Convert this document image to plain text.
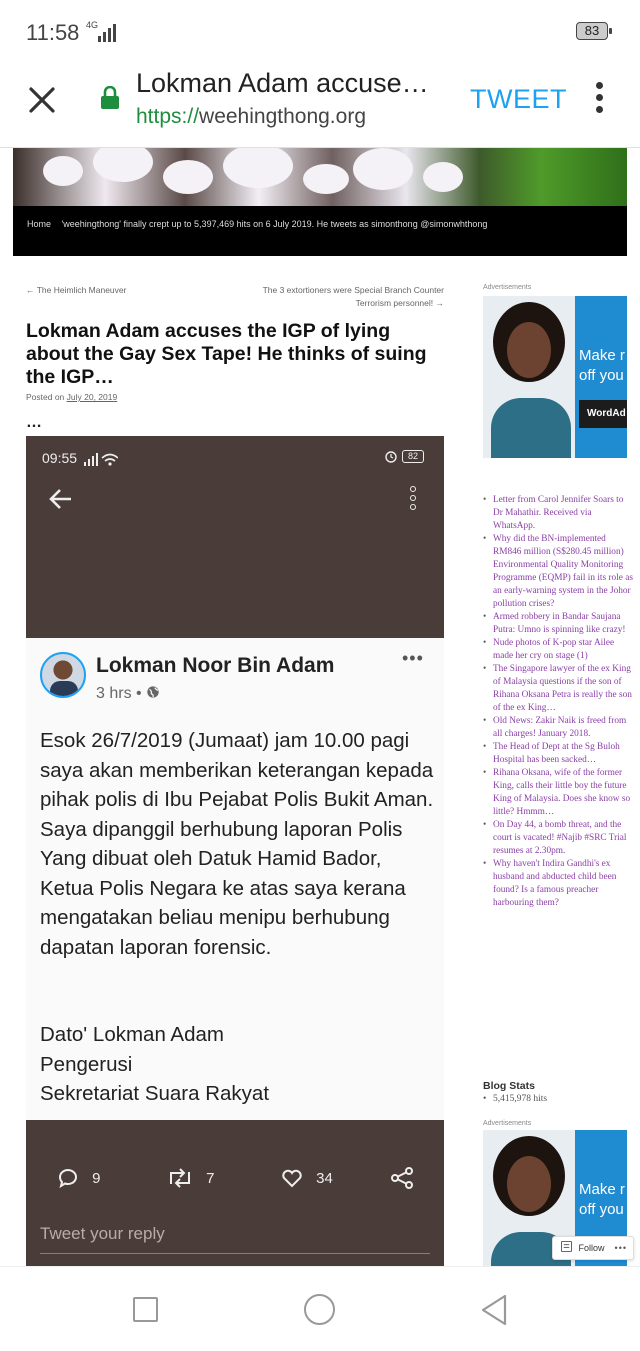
11:58 4G	83
Lokman Adam accuse…
https://weehingthong.org
TWEET
Home 'weehingthong' finally crept up to 5,397,469 hits on 6 July 2019. He tweets as simonthong @simonwhthong
← The Heimlich Maneuver	The 3 extortioners were Special Branch Counter Terrorism personnel! →
Lokman Adam accuses the IGP of lying about the Gay Sex Tape! He thinks of suing the IGP…
Posted on July 20, 2019
…
09:55	82
Lokman Noor Bin Adam	•••
3 hrs •
Esok 26/7/2019 (Jumaat) jam 10.00 pagi saya akan memberikan keterangan kepada pihak polis di Ibu Pejabat Polis Bukit Aman. Saya dipanggil berhubung laporan Polis Yang dibuat oleh Datuk Hamid Bador, Ketua Polis Negara ke atas saya kerana mengatakan beliau menipu berhubung dapatan laporan forensic.
Dato' Lokman Adam
Pengerusi
Sekretariat Suara Rakyat
9	7	34
Tweet your reply
Advertisements
Make r
off you
WordAd
• Letter from Carol Jennifer Soars to Dr Mahathir. Received via WhatsApp.
• Why did the BN-implemented RM846 million (S$280.45 million) Environmental Quality Monitoring Programme (EQMP) fail in its role as an early-warning system in the Johor pollution crises?
• Armed robbery in Bandar Saujana Putra: Umno is spinning like crazy!
• Nude photos of K-pop star Ailee made her cry on stage (1)
• The Singapore lawyer of the ex King of Malaysia questions if the son of Rihana Oksana Petra is really the son of the ex King…
• Old News: Zakir Naik is freed from all charges! January 2018.
• The Head of Dept at the Sg Buloh Hospital has been sacked…
• Rihana Oksana, wife of the former King, calls their little boy the future King of Malaysia. Does she know so little? Hmmm…
• On Day 44, a bomb threat, and the court is vacated! #Najib #SRC Trial resumes at 2.30pm.
• Why haven't Indira Gandhi's ex husband and abducted child been found? Is a famous preacher harbouring them?
Blog Stats
• 5,415,978 hits
Advertisements
Make r
off you
Follow •••
